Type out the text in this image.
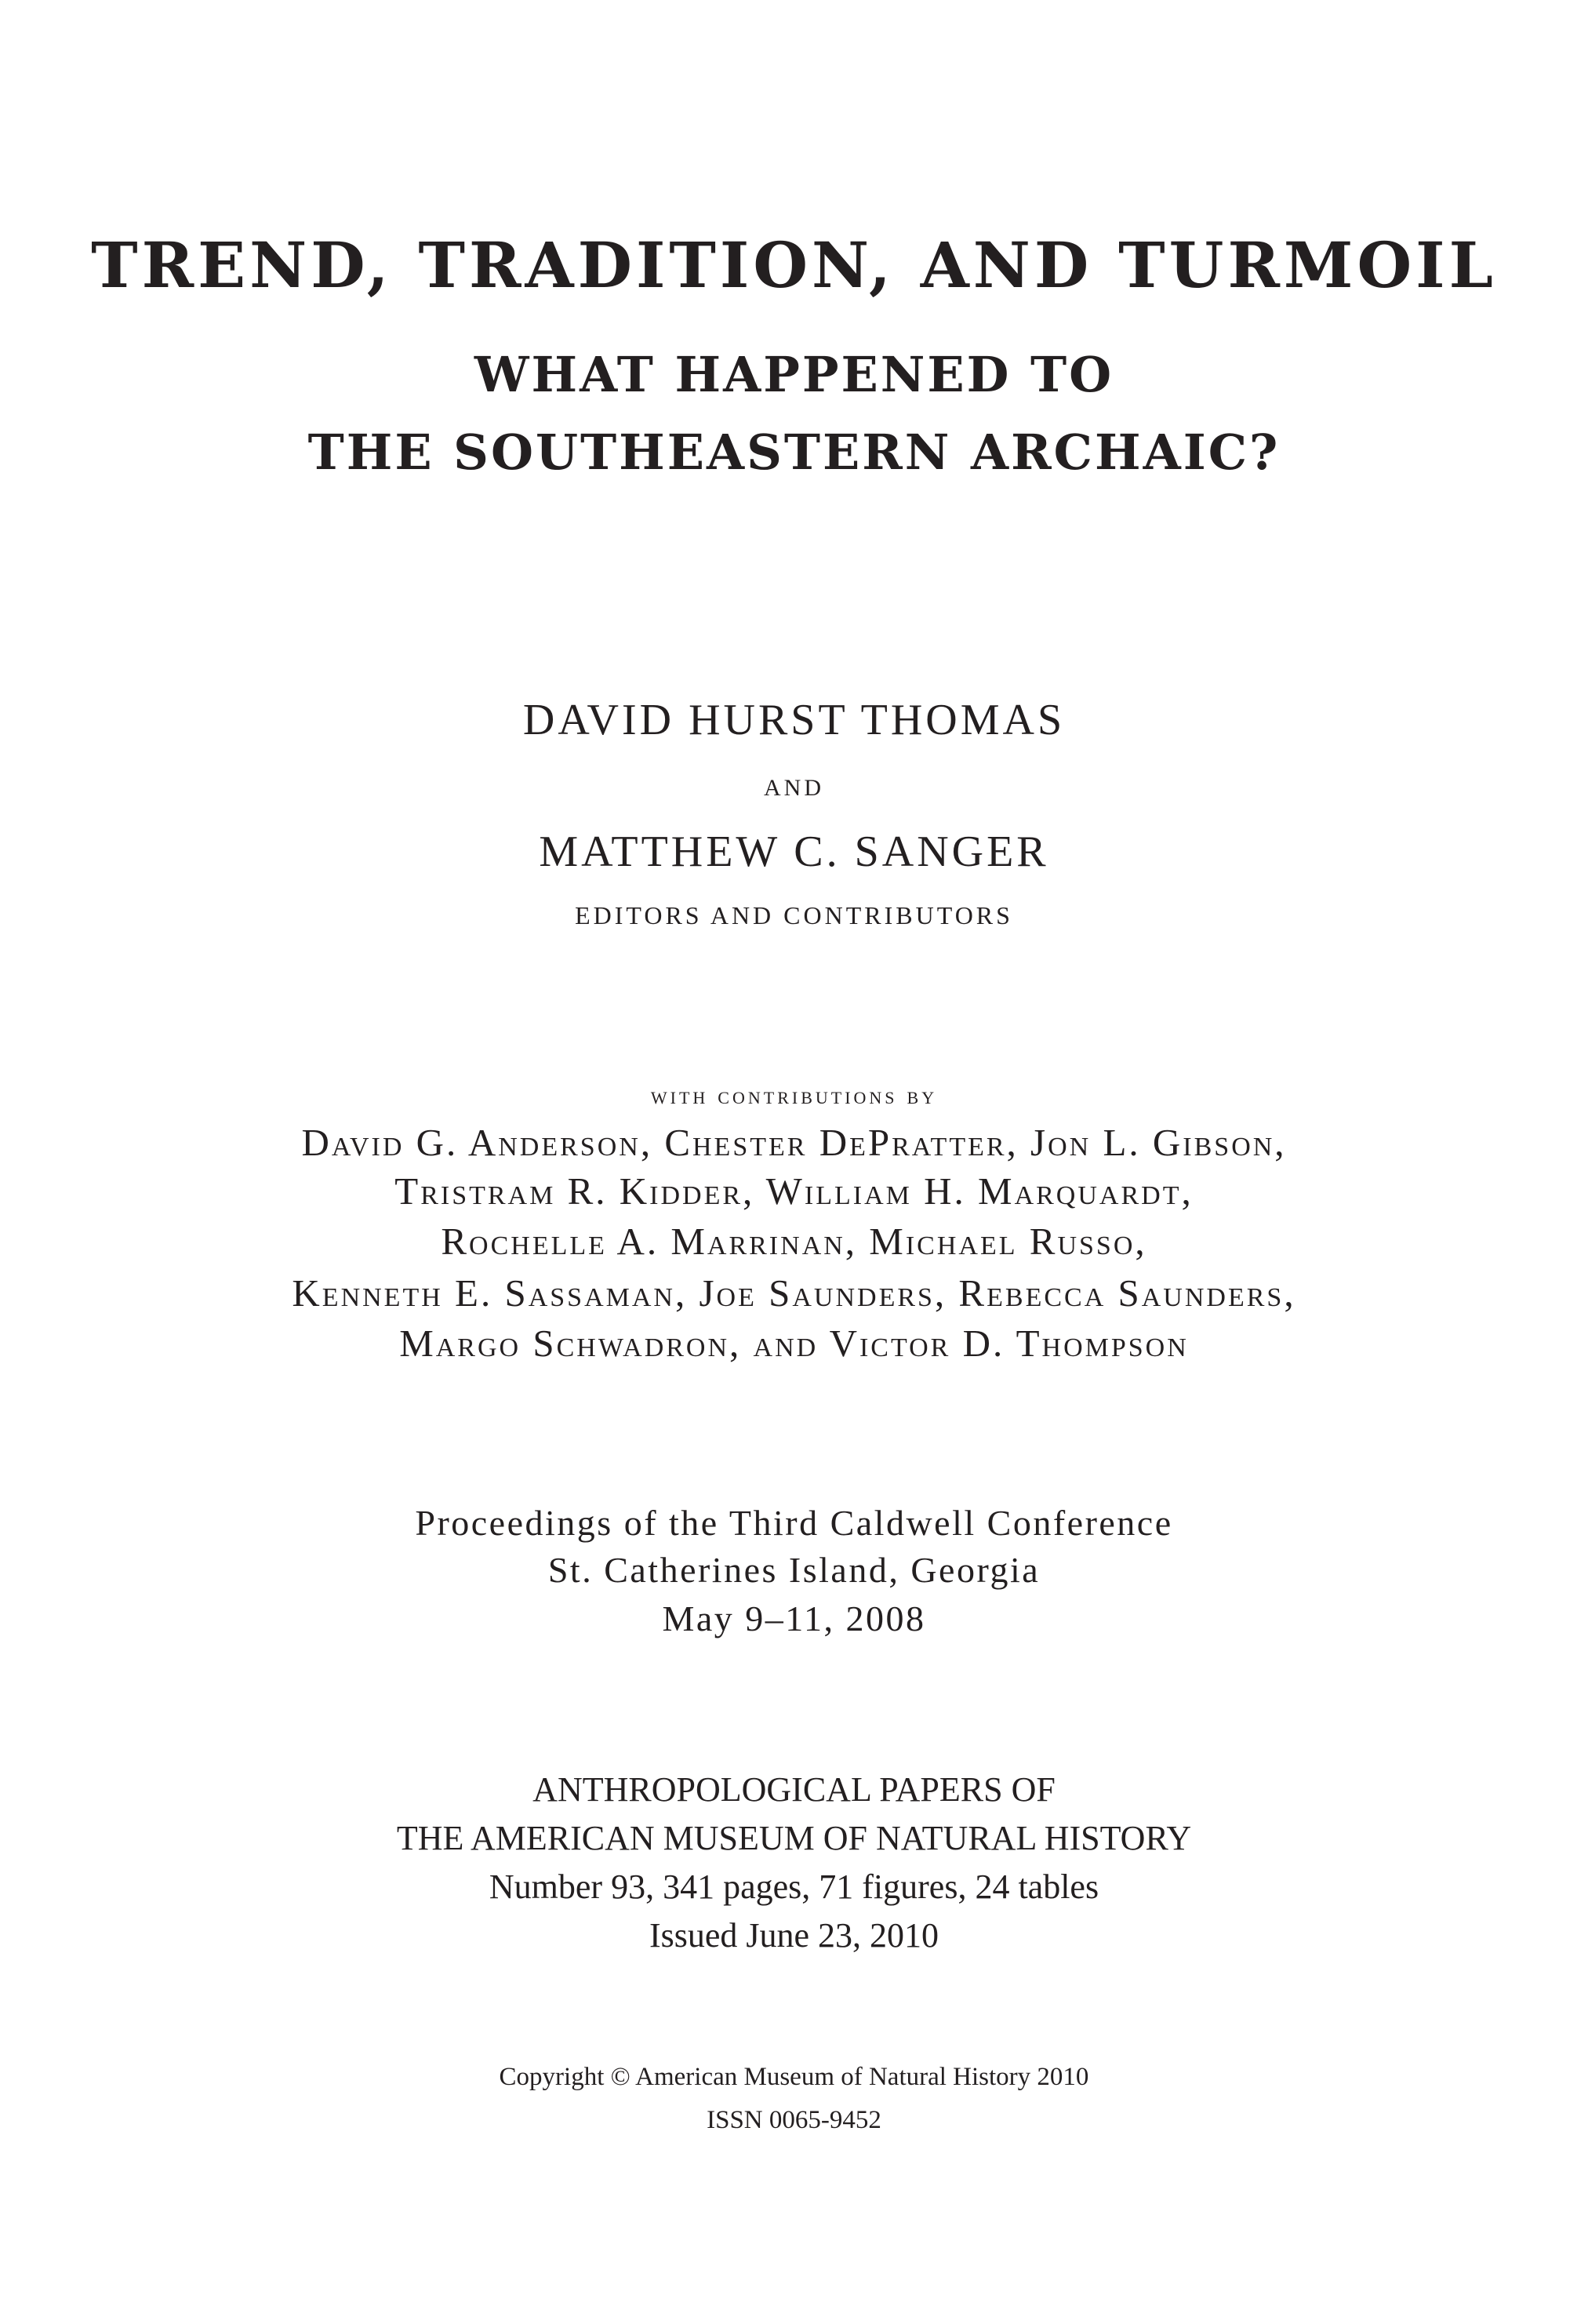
TREND, TRADITION, AND TURMOIL
WHAT HAPPENED TO
THE SOUTHEASTERN ARCHAIC?
DAVID HURST THOMAS
AND
MATTHEW C. SANGER
EDITORS AND CONTRIBUTORS
with contributions by
David G. Anderson, Chester DePratter, Jon L. Gibson,
Tristram R. Kidder, William H. Marquardt,
Rochelle A. Marrinan, Michael Russo,
Kenneth E. Sassaman, Joe Saunders, Rebecca Saunders,
Margo Schwadron, and Victor D. Thompson
Proceedings of the Third Caldwell Conference
St. Catherines Island, Georgia
May 9–11, 2008
ANTHROPOLOGICAL PAPERS OF
THE AMERICAN MUSEUM OF NATURAL HISTORY
Number 93, 341 pages, 71 figures, 24 tables
Issued June 23, 2010
Copyright © American Museum of Natural History 2010
ISSN 0065-9452
